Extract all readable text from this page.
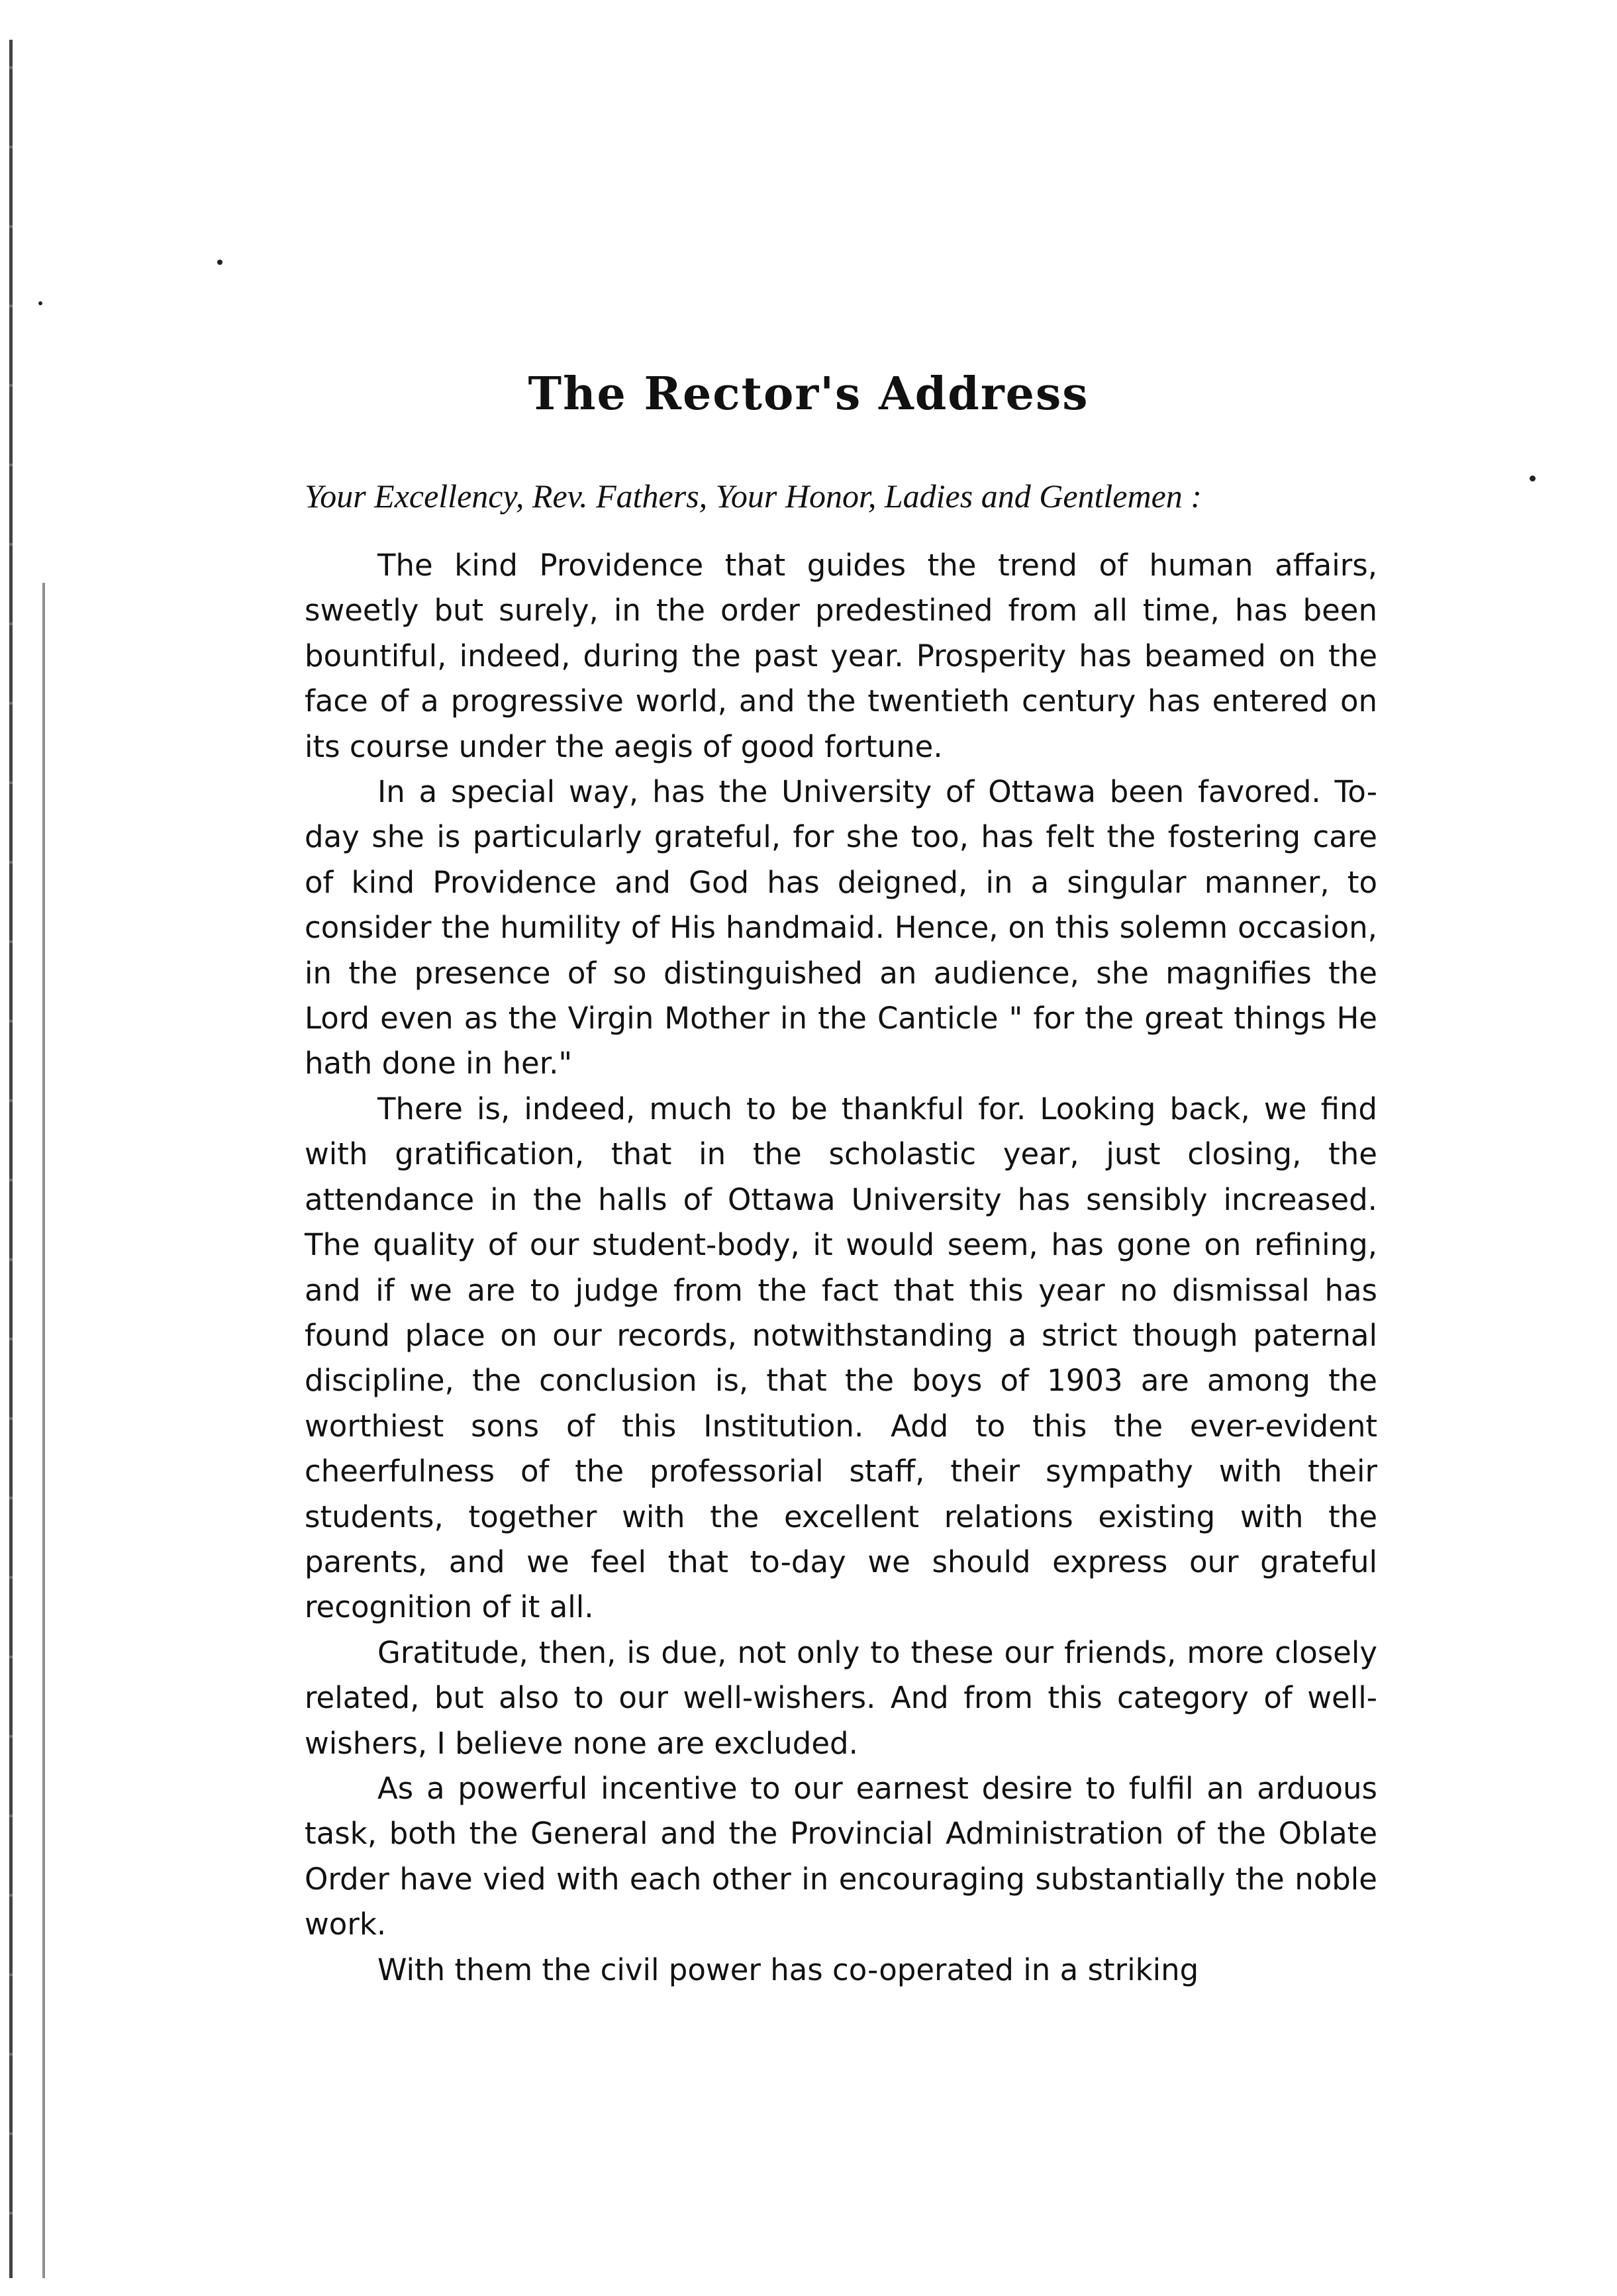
The Rector's Address
Your Excellency, Rev. Fathers, Your Honor, Ladies and Gentlemen :

The kind Providence that guides the trend of human affairs, sweetly but surely, in the order predestined from all time, has been bountiful, indeed, during the past year. Prosperity has beamed on the face of a progressive world, and the twentieth century has entered on its course under the aegis of good fortune.

In a special way, has the University of Ottawa been favored. To-day she is particularly grateful, for she too, has felt the fostering care of kind Providence and God has deigned, in a singular manner, to consider the humility of His handmaid. Hence, on this solemn occasion, in the presence of so distinguished an audience, she magnifies the Lord even as the Virgin Mother in the Canticle " for the great things He hath done in her."

There is, indeed, much to be thankful for. Looking back, we find with gratification, that in the scholastic year, just closing, the attendance in the halls of Ottawa University has sensibly increased. The quality of our student-body, it would seem, has gone on refining, and if we are to judge from the fact that this year no dismissal has found place on our records, notwithstanding a strict though paternal discipline, the conclusion is, that the boys of 1903 are among the worthiest sons of this Institution. Add to this the ever-evident cheerfulness of the professorial staff, their sympathy with their students, together with the excellent relations existing with the parents, and we feel that to-day we should express our grateful recognition of it all.

Gratitude, then, is due, not only to these our friends, more closely related, but also to our well-wishers. And from this category of well-wishers, I believe none are excluded.

As a powerful incentive to our earnest desire to fulfil an arduous task, both the General and the Provincial Administration of the Oblate Order have vied with each other in encouraging substantially the noble work.

With them the civil power has co-operated in a striking
